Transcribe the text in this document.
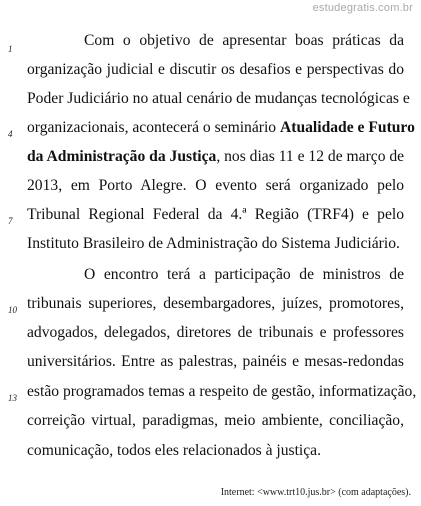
estudegratis.com.br
1	Com o objetivo de apresentar boas práticas da
organização judicial e discutir os desafios e perspectivas do
Poder Judiciário no atual cenário de mudanças tecnológicas e
4 organizacionais, acontecerá o seminário Atualidade e Futuro
da Administração da Justiça, nos dias 11 e 12 de março de
2013, em Porto Alegre. O evento será organizado pelo
7 Tribunal Regional Federal da 4.ª Região (TRF4) e pelo
Instituto Brasileiro de Administração do Sistema Judiciário.
O encontro terá a participação de ministros de
10 tribunais superiores, desembargadores, juízes, promotores,
advogados, delegados, diretores de tribunais e professores
universitários. Entre as palestras, painéis e mesas-redondas
13 estão programados temas a respeito de gestão, informatização,
correição virtual, paradigmas, meio ambiente, conciliação,
comunicação, todos eles relacionados à justiça.
Internet: <www.trt10.jus.br> (com adaptações).
